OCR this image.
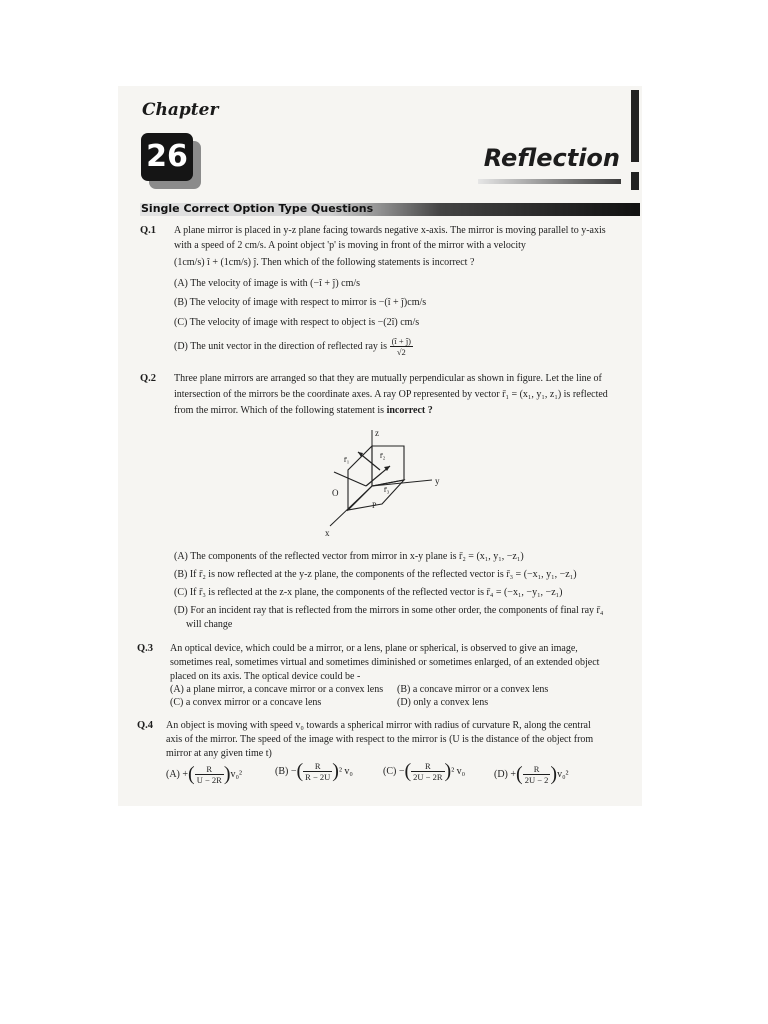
Chapter
26	Reflection
Single Correct Option Type Questions
Q.1 A plane mirror is placed in y-z plane facing towards negative x-axis. The mirror is moving parallel to y-axis
with a speed of 2 cm/s. A point object 'p' is moving in front of the mirror with a velocity
(1cm/s) î + (1cm/s) ĵ. Then which of the following statements is incorrect ?
(A) The velocity of image is with (−î + ĵ) cm/s
(B) The velocity of image with respect to mirror is −(î + ĵ)cm/s
(C) The velocity of image with respect to object is −(2î) cm/s
(D) The unit vector in the direction of reflected ray is $\frac{(î + ĵ)}{√2}$
Q.2 Three plane mirrors are arranged so that they are mutually perpendicular as shown in figure. Let the line of
intersection of the mirrors be the coordinate axes. A ray OP represented by vector r̄₁ = (x₁, y₁, z₁) is reflected
from the mirror. Which of the following statement is incorrect ?
z
y
x
O
P
r̄₁	r̄₂
r̄₃
(A) The components of the reflected vector from mirror in x-y plane is r̄₂ = (x₁, y₁, −z₁)
(B) If r̄₂ is now reflected at the y-z plane, the components of the reflected vector is r̄₃ = (−x₁, y₁, −z₁)
(C) If r̄₃ is reflected at the z-x plane, the components of the reflected vector is r̄₄ = (−x₁, −y₁, −z₁)
(D) For an incident ray that is reflected from the mirrors in some other order, the components of final ray r̄₄
will change
Q.3 An optical device, which could be a mirror, or a lens, plane or spherical, is observed to give an image,
sometimes real, sometimes virtual and sometimes diminished or sometimes enlarged, of an extended object
placed on its axis. The optical device could be -
(A) a plane mirror, a concave mirror or a convex lens (B) a concave mirror or a convex lens
(C) a convex mirror or a concave lens	(D) only a convex lens
Q.4 An object is moving with speed v₀ towards a spherical mirror with radius of curvature R, along the central
axis of the mirror. The speed of the image with respect to the mirror is (U is the distance of the object from
mirror at any given time t)
(A) +( $\frac{R}{U - 2R} )v_0^2$	(B) −( $\frac{R}{R - 2U} )^2$ v₀	(C) −( $\frac{R}{2U - 2R} )^2$ v₀	(D) +( $\frac{R}{2U - 2} )v_0^2$
